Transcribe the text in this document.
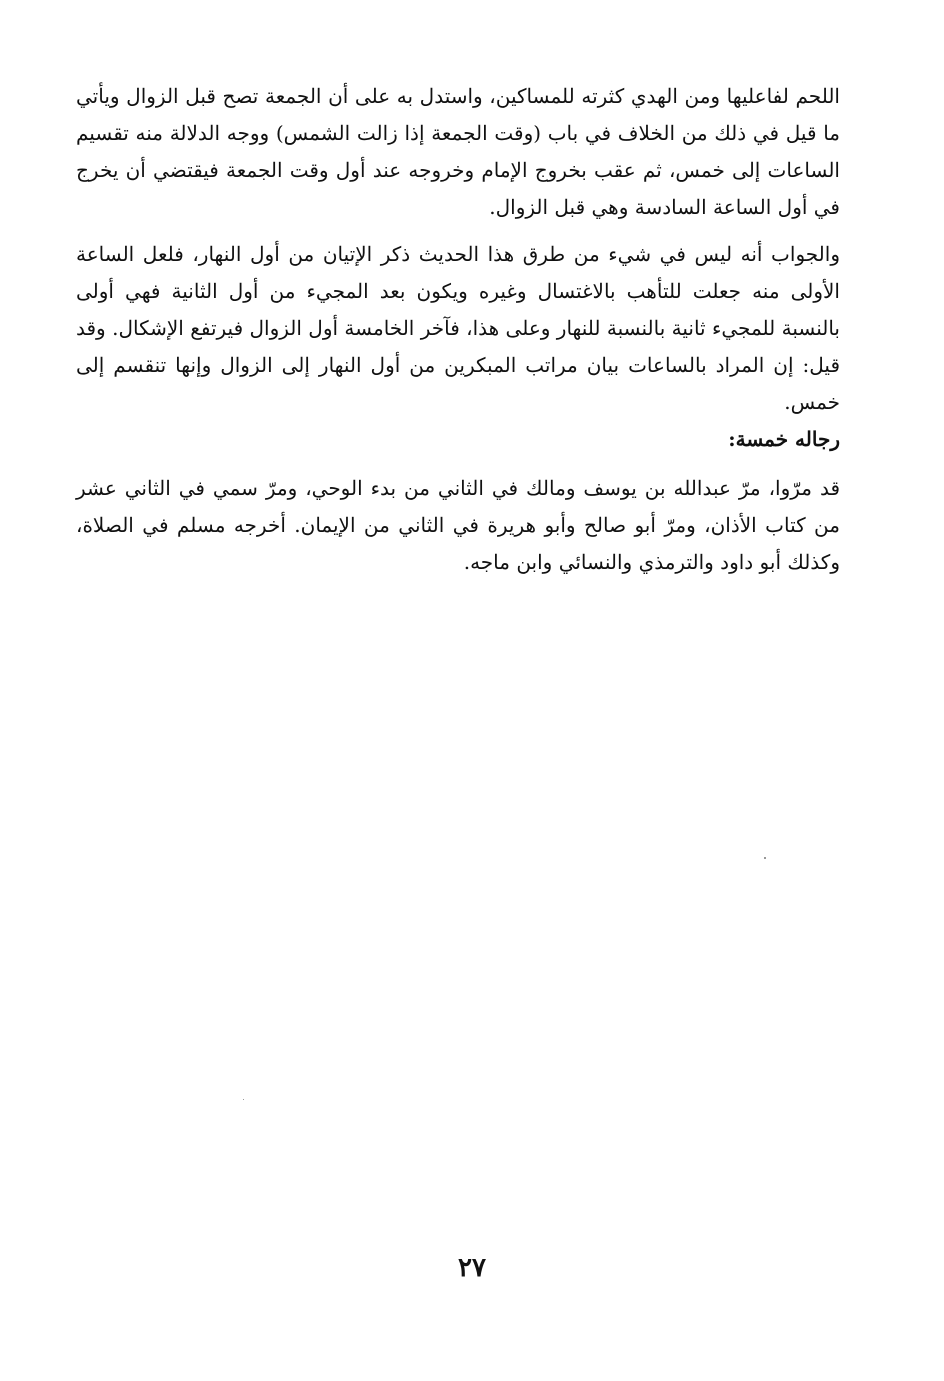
اللحم لفاعليها ومن الهدي كثرته للمساكين، واستدل به على أن الجمعة تصح قبل الزوال ويأتي ما قيل في ذلك من الخلاف في باب (وقت الجمعة إذا زالت الشمس) ووجه الدلالة منه تقسيم الساعات إلى خمس، ثم عقب بخروج الإمام وخروجه عند أول وقت الجمعة فيقتضي أن يخرج في أول الساعة السادسة وهي قبل الزوال.

والجواب أنه ليس في شيء من طرق هذا الحديث ذكر الإتيان من أول النهار، فلعل الساعة الأولى منه جعلت للتأهب بالاغتسال وغيره ويكون بعد المجيء من أول الثانية فهي أولى بالنسبة للمجيء ثانية بالنسبة للنهار وعلى هذا، فآخر الخامسة أول الزوال فيرتفع الإشكال. وقد قيل: إن المراد بالساعات بيان مراتب المبكرين من أول النهار إلى الزوال وإنها تنقسم إلى خمس.

رجاله خمسة:

قد مرّوا، مرّ عبدالله بن يوسف ومالك في الثاني من بدء الوحي، ومرّ سمي في الثاني عشر من كتاب الأذان، ومرّ أبو صالح وأبو هريرة في الثاني من الإيمان. أخرجه مسلم في الصلاة، وكذلك أبو داود والترمذي والنسائي وابن ماجه.

٢٧
